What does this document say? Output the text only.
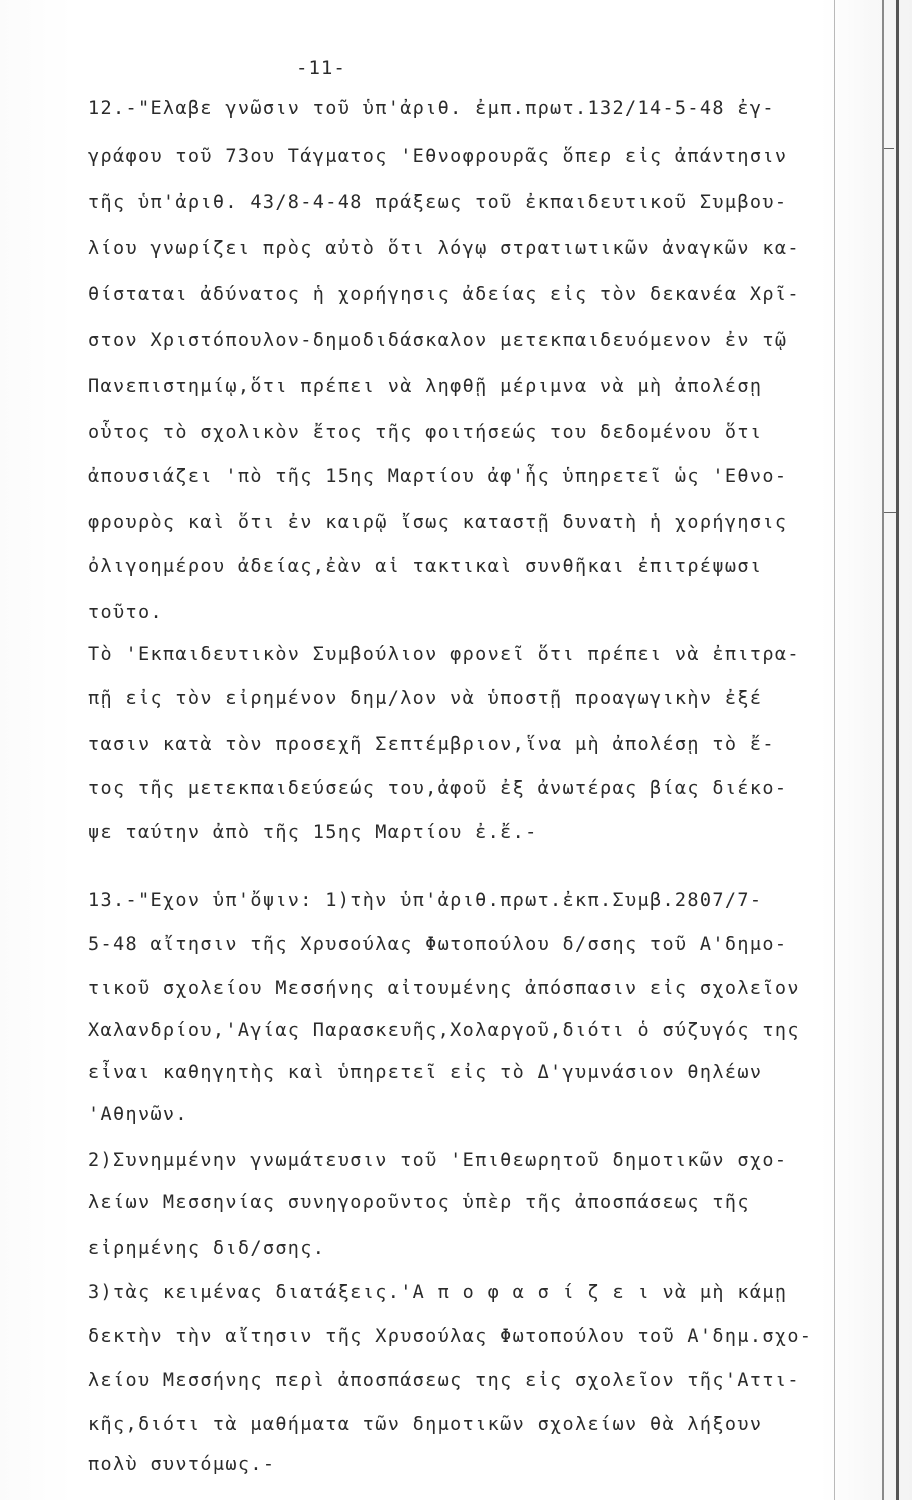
-11-
12.-"Ελαβε γνῶσιν τοῦ ὑπ'ἀριθ. ἐμπ.πρωτ.132/14-5-48 ἐγ-
γράφου τοῦ 73ου Τάγματος 'Εθνοφρουρᾶς ὅπερ εἰς ἀπάντησιν
τῆς ὑπ'ἀριθ. 43/8-4-48 πράξεως τοῦ ἐκπαιδευτικοῦ Συμβου-
λίου γνωρίζει πρὸς αὐτὸ ὅτι λόγῳ στρατιωτικῶν ἀναγκῶν κα-
θίσταται ἀδύνατος ἡ χορήγησις ἀδείας εἰς τὸν δεκανέα Χρῖ-
στον Χριστόπουλον-δημοδιδάσκαλον μετεκπαιδευόμενον ἐν τῷ
Πανεπιστημίῳ,ὅτι πρέπει νὰ ληφθῇ μέριμνα νὰ μὴ ἀπολέσῃ
οὗτος τὸ σχολικὸν ἔτος τῆς φοιτήσεώς του δεδομένου ὅτι
ἀπουσιάζει 'πὸ τῆς 15ης Μαρτίου ἀφ'ἧς ὑπηρετεῖ ὡς 'Εθνο-
φρουρὸς καὶ ὅτι ἐν καιρῷ ἴσως καταστῇ δυνατὴ ἡ χορήγησις
ὀλιγοημέρου ἀδείας,ἐὰν αἱ τακτικαὶ συνθῆκαι ἐπιτρέψωσι
τοῦτο.
Τὸ 'Εκπαιδευτικὸν Συμβούλιον φρονεῖ ὅτι πρέπει νὰ ἐπιτρα-
πῇ εἰς τὸν εἰρημένον δημ/λον νὰ ὑποστῇ προαγωγικὴν ἐξέ
τασιν κατὰ τὸν προσεχῆ Σεπτέμβριον,ἵνα μὴ ἀπολέσῃ τὸ ἔ-
τος τῆς μετεκπαιδεύσεώς του,ἀφοῦ ἐξ ἀνωτέρας βίας διέκο-
ψε ταύτην ἀπὸ τῆς 15ης Μαρτίου ἐ.ἔ.-
13.-"Εχον ὑπ'ὄψιν: 1)τὴν ὑπ'ἀριθ.πρωτ.ἐκπ.Συμβ.2807/7-
5-48 αἴτησιν τῆς Χρυσούλας Φωτοπούλου δ/σσης τοῦ Α'δημο-
τικοῦ σχολείου Μεσσήνης αἰτουμένης ἀπόσπασιν εἰς σχολεῖον
Χαλανδρίου,'Αγίας Παρασκευῆς,Χολαργοῦ,διότι ὁ σύζυγός της
εἶναι καθηγητὴς καὶ ὑπηρετεῖ εἰς τὸ Δ'γυμνάσιον θηλέων
'Αθηνῶν.
2)Συνημμένην γνωμάτευσιν τοῦ 'Επιθεωρητοῦ δημοτικῶν σχο-
λείων Μεσσηνίας συνηγοροῦντος ὑπὲρ τῆς ἀποσπάσεως τῆς
εἰρημένης διδ/σσης.
3)τὰς κειμένας διατάξεις.'Α π ο φ α σ ί ζ ε ι νὰ μὴ κάμῃ
δεκτὴν τὴν αἴτησιν τῆς Χρυσούλας Φωτοπούλου τοῦ Α'δημ.σχο-
λείου Μεσσήνης περὶ ἀποσπάσεως της εἰς σχολεῖον τῆς'Αττι-
κῆς,διότι τὰ μαθήματα τῶν δημοτικῶν σχολείων θὰ λήξουν
πολὺ συντόμως.-
